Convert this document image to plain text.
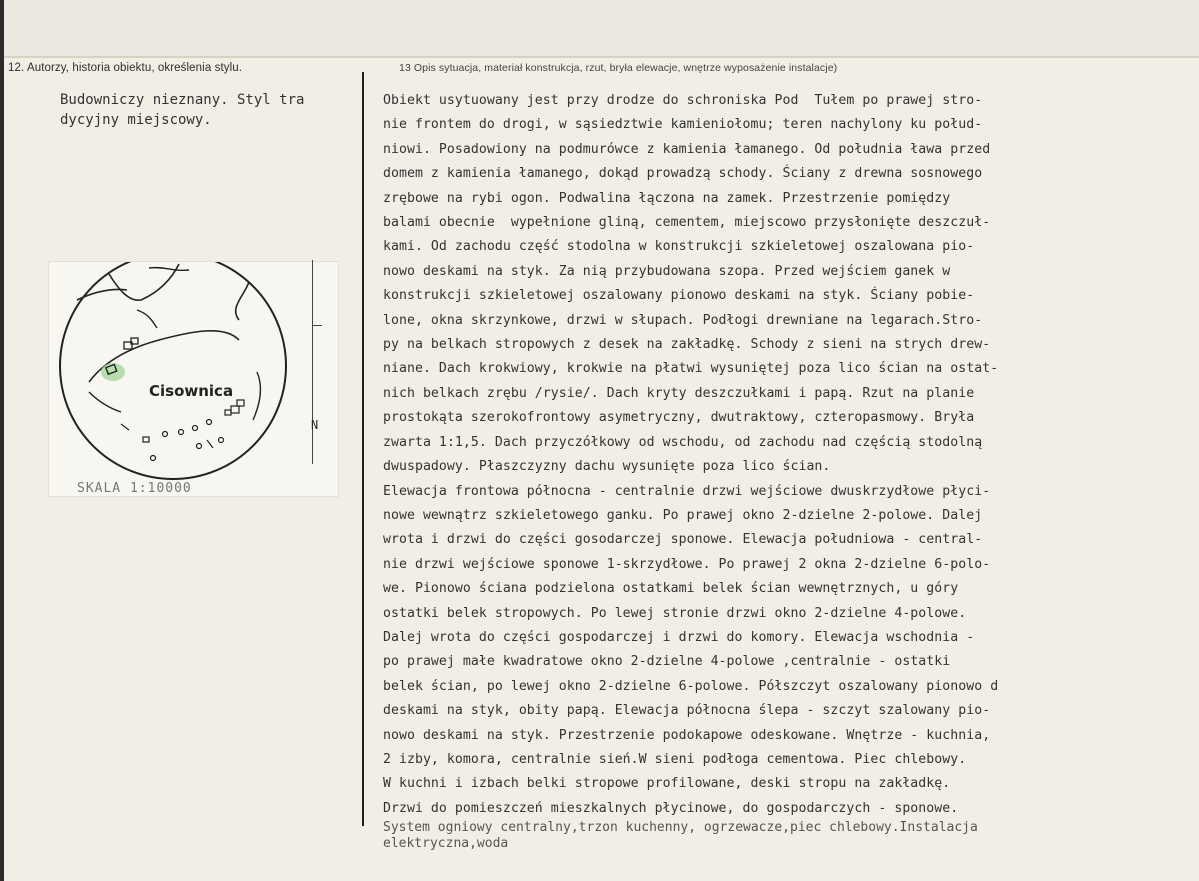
12. Autorzy, historia obiektu, określenia stylu.	13 Opis sytuacja, materiał konstrukcja, rzut, bryła elewacje, wnętrze wyposażenie instalacje)
Budowniczy nieznany. Styl tra
dycyjny miejscowy.
Cisownica
N
SKALA 1:10000
Obiekt usytuowany jest przy drodze do schroniska Pod  Tułem po prawej stro-
nie frontem do drogi, w sąsiedztwie kamieniołomu; teren nachylony ku połud-
niowi. Posadowiony na podmurówce z kamienia łamanego. Od południa ława przed
domem z kamienia łamanego, dokąd prowadzą schody. Ściany z drewna sosnowego
zrębowe na rybi ogon. Podwalina łączona na zamek. Przestrzenie pomiędzy
balami obecnie  wypełnione gliną, cementem, miejscowo przysłonięte deszczuł-
kami. Od zachodu część stodolna w konstrukcji szkieletowej oszalowana pio-
nowo deskami na styk. Za nią przybudowana szopa. Przed wejściem ganek w
konstrukcji szkieletowej oszalowany pionowo deskami na styk. Ściany pobie-
lone, okna skrzynkowe, drzwi w słupach. Podłogi drewniane na legarach.Stro-
py na belkach stropowych z desek na zakładkę. Schody z sieni na strych drew-
niane. Dach krokwiowy, krokwie na płatwi wysuniętej poza lico ścian na ostat-
nich belkach zrębu /rysie/. Dach kryty deszczułkami i papą. Rzut na planie
prostokąta szerokofrontowy asymetryczny, dwutraktowy, czteropasmowy. Bryła
zwarta 1:1,5. Dach przyczółkowy od wschodu, od zachodu nad częścią stodolną
dwuspadowy. Płaszczyzny dachu wysunięte poza lico ścian.
Elewacja frontowa północna - centralnie drzwi wejściowe dwuskrzydłowe płyci-
nowe wewnątrz szkieletowego ganku. Po prawej okno 2-dzielne 2-polowe. Dalej
wrota i drzwi do części gosodarczej sponowe. Elewacja południowa - central-
nie drzwi wejściowe sponowe 1-skrzydłowe. Po prawej 2 okna 2-dzielne 6-polo-
we. Pionowo ściana podzielona ostatkami belek ścian wewnętrznych, u góry
ostatki belek stropowych. Po lewej stronie drzwi okno 2-dzielne 4-polowe.
Dalej wrota do części gospodarczej i drzwi do komory. Elewacja wschodnia -
po prawej małe kwadratowe okno 2-dzielne 4-polowe ,centralnie - ostatki
belek ścian, po lewej okno 2-dzielne 6-polowe. Półszczyt oszalowany pionowo d
deskami na styk, obity papą. Elewacja północna ślepa - szczyt szalowany pio-
nowo deskami na styk. Przestrzenie podokapowe odeskowane. Wnętrze - kuchnia,
2 izby, komora, centralnie sień.W sieni podłoga cementowa. Piec chlebowy.
W kuchni i izbach belki stropowe profilowane, deski stropu na zakładkę.
Drzwi do pomieszczeń mieszkalnych płycinowe, do gospodarczych - sponowe.
System ogniowy centralny,trzon kuchenny, ogrzewacze,piec chlebowy.Instalacja
elektryczna,woda
